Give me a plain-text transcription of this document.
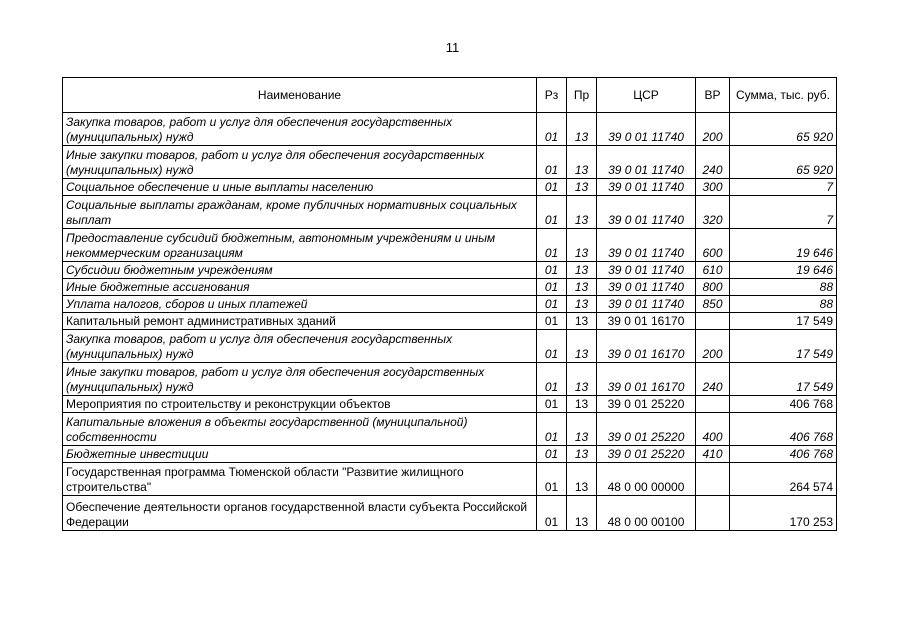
11
Наименование	Рз	Пр	ЦСР	ВР	Сумма, тыс. руб.
Закупка товаров, работ и услуг для обеспечения государственных (муниципальных) нужд	01	13	39 0 01 11740	200	65 920
Иные закупки товаров, работ и услуг для обеспечения государственных (муниципальных) нужд	01	13	39 0 01 11740	240	65 920
Социальное обеспечение и иные выплаты населению	01	13	39 0 01 11740	300	7
Социальные выплаты гражданам, кроме публичных нормативных социальных выплат	01	13	39 0 01 11740	320	7
Предоставление субсидий бюджетным, автономным учреждениям и иным некоммерческим организациям	01	13	39 0 01 11740	600	19 646
Субсидии бюджетным учреждениям	01	13	39 0 01 11740	610	19 646
Иные бюджетные ассигнования	01	13	39 0 01 11740	800	88
Уплата налогов, сборов и иных платежей	01	13	39 0 01 11740	850	88
Капитальный ремонт административных зданий	01	13	39 0 01 16170		17 549
Закупка товаров, работ и услуг для обеспечения государственных (муниципальных) нужд	01	13	39 0 01 16170	200	17 549
Иные закупки товаров, работ и услуг для обеспечения государственных (муниципальных) нужд	01	13	39 0 01 16170	240	17 549
Мероприятия по строительству и реконструкции объектов	01	13	39 0 01 25220		406 768
Капитальные вложения в объекты государственной (муниципальной) собственности	01	13	39 0 01 25220	400	406 768
Бюджетные инвестиции	01	13	39 0 01 25220	410	406 768
Государственная программа Тюменской области "Развитие жилищного строительства"	01	13	48 0 00 00000		264 574
Обеспечение деятельности органов государственной власти субъекта Российской Федерации	01	13	48 0 00 00100		170 253
